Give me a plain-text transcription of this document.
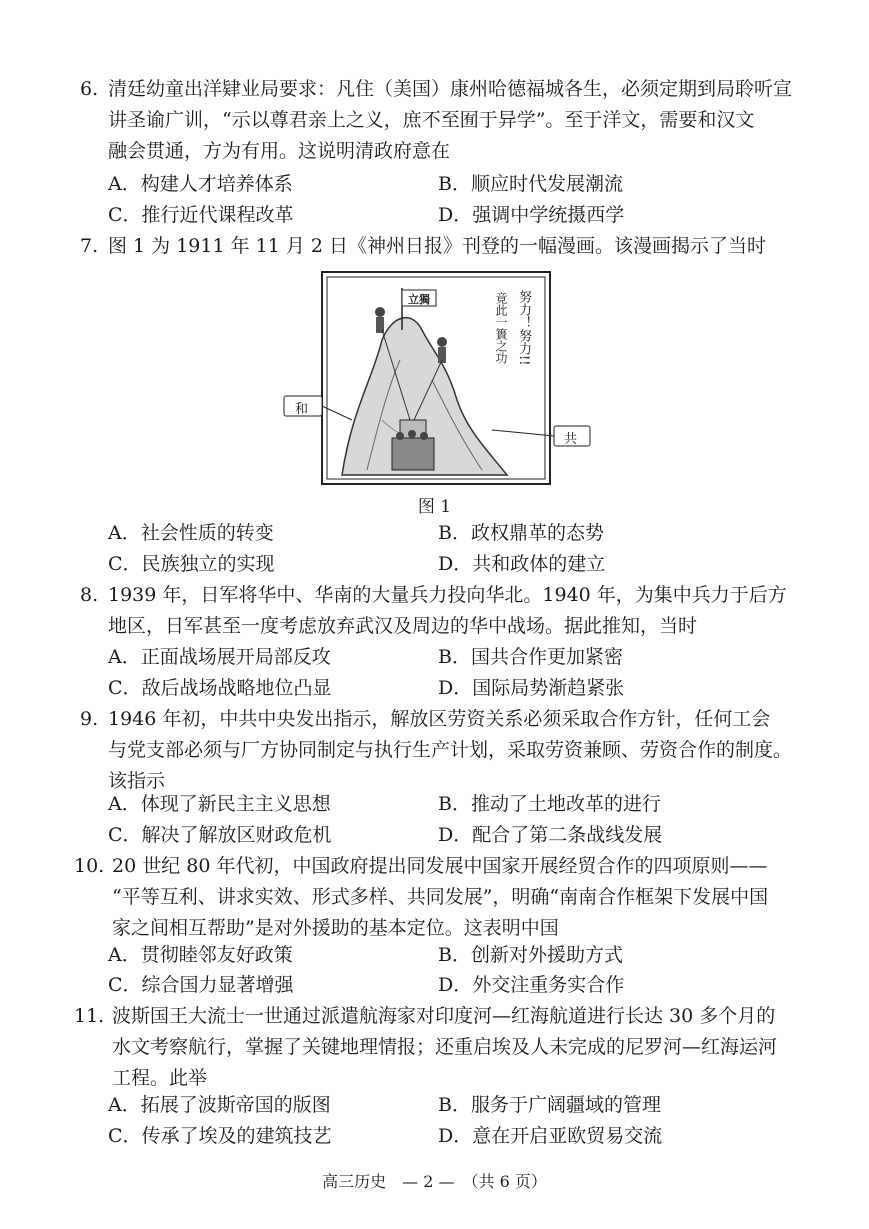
6. 清廷幼童出洋肄业局要求：凡住（美国）康州哈德福城各生，必须定期到局聆听宣
讲圣谕广训，“示以尊君亲上之义，庶不至囿于异学”。至于洋文，需要和汉文
融会贯通，方为有用。这说明清政府意在
A．构建人才培养体系	B．顺应时代发展潮流
C．推行近代课程改革	D．强调中学统摄西学
7. 图 1 为 1911 年 11 月 2 日《神州日报》刊登的一幅漫画。该漫画揭示了当时
立獨	努力！努力!!
竟此一簣之功
和
共
图 1
A．社会性质的转变	B．政权鼎革的态势
C．民族独立的实现	D．共和政体的建立
8. 1939 年，日军将华中、华南的大量兵力投向华北。1940 年，为集中兵力于后方
地区，日军甚至一度考虑放弃武汉及周边的华中战场。据此推知，当时
A．正面战场展开局部反攻	B．国共合作更加紧密
C．敌后战场战略地位凸显	D．国际局势渐趋紧张
9. 1946 年初，中共中央发出指示，解放区劳资关系必须采取合作方针，任何工会
与党支部必须与厂方协同制定与执行生产计划，采取劳资兼顾、劳资合作的制度。
该指示
A．体现了新民主主义思想	B．推动了土地改革的进行
C．解决了解放区财政危机	D．配合了第二条战线发展
10. 20 世纪 80 年代初，中国政府提出同发展中国家开展经贸合作的四项原则——
“平等互利、讲求实效、形式多样、共同发展”，明确“南南合作框架下发展中国
家之间相互帮助”是对外援助的基本定位。这表明中国
A．贯彻睦邻友好政策	B．创新对外援助方式
C．综合国力显著增强	D．外交注重务实合作
11. 波斯国王大流士一世通过派遣航海家对印度河—红海航道进行长达 30 多个月的
水文考察航行，掌握了关键地理情报；还重启埃及人未完成的尼罗河—红海运河
工程。此举
A．拓展了波斯帝国的版图	B．服务于广阔疆域的管理
C．传承了埃及的建筑技艺	D．意在开启亚欧贸易交流
高三历史　— 2 —　（共 6 页）
